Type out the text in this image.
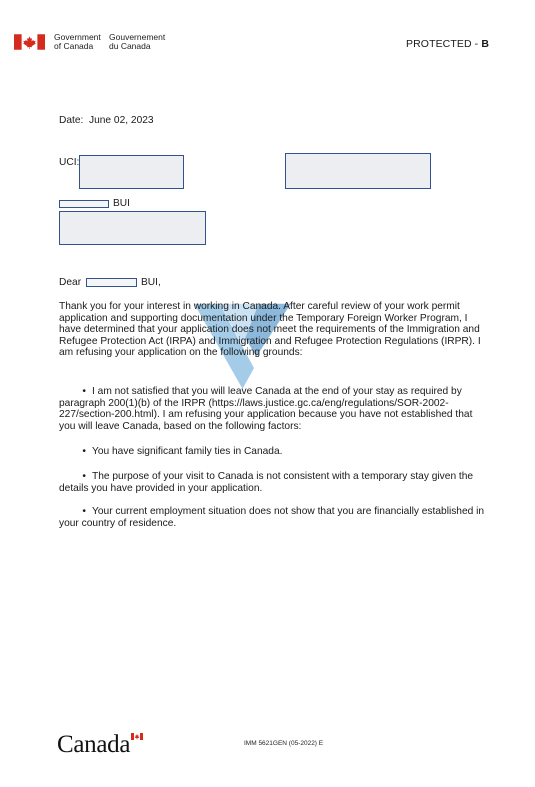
Government
of Canada
Gouvernement
du Canada	PROTECTED - B
Date:  June 02, 2023
UCI:
BUI
Dear	BUI,
Thank you for your interest in working in Canada. After careful review of your work permit application and supporting documentation under the Temporary Foreign Worker Program, I have determined that your application does not meet the requirements of the Immigration and Refugee Protection Act (IRPA) and Immigration and Refugee Protection Regulations (IRPR). I am refusing your application on the following grounds:
• I am not satisfied that you will leave Canada at the end of your stay as required by paragraph 200(1)(b) of the IRPR (https://laws.justice.gc.ca/eng/regulations/SOR-2002-227/section-200.html). I am refusing your application because you have not established that you will leave Canada, based on the following factors:
• You have significant family ties in Canada.
• The purpose of your visit to Canada is not consistent with a temporary stay given the details you have provided in your application.
• Your current employment situation does not show that you are financially established in your country of residence.
Canada	IMM 5621GEN (05-2022) E
